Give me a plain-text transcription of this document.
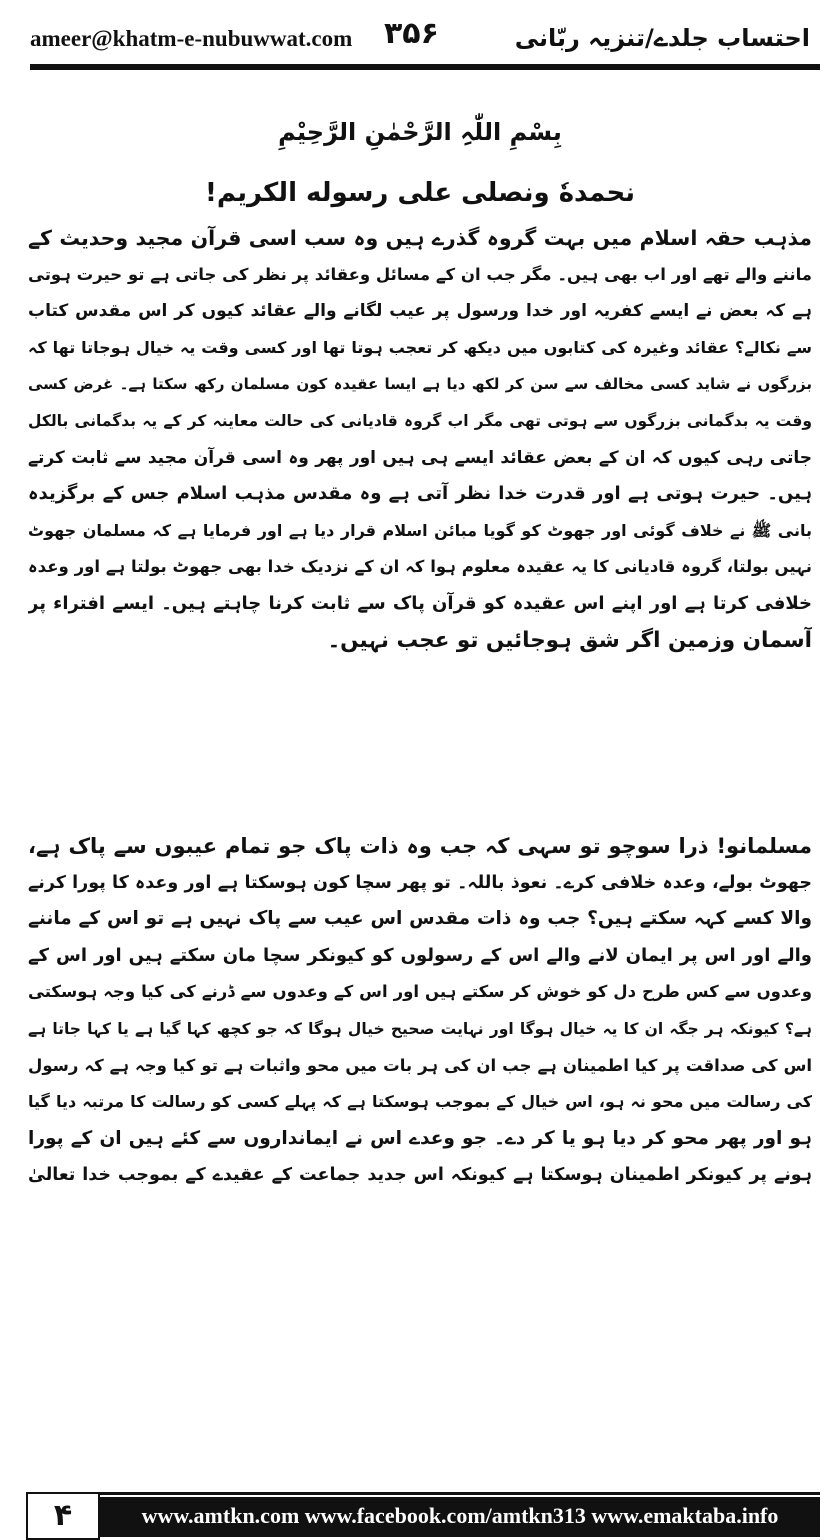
ameer@khatm-e-nubuwwat.com ۳۵۶	احتساب جلدے/تنزیہ ربّانی
بِسْمِ اللّٰہِ الرَّحْمٰنِ الرَّحِیْمِ
نحمدهٗ ونصلی علی رسوله الکریم!
مذہب حقہ اسلام میں بہت گروہ گذرے ہیں وہ سب اسی قرآن مجید وحدیث کے
ماننے والے تھے اور اب بھی ہیں۔ مگر جب ان کے مسائل وعقائد پر نظر کی جاتی ہے تو حیرت ہوتی
ہے کہ بعض نے ایسے کفریہ اور خدا ورسول پر عیب لگانے والے عقائد کیوں کر اس مقدس کتاب
سے نکالے؟ عقائد وغیرہ کی کتابوں میں دیکھ کر تعجب ہوتا تھا اور کسی وقت یہ خیال ہوجاتا تھا کہ
بزرگوں نے شاید کسی مخالف سے سن کر لکھ دیا ہے ایسا عقیدہ کون مسلمان رکھ سکتا ہے۔ غرض کسی
وقت یہ بدگمانی بزرگوں سے ہوتی تھی مگر اب گروہ قادیانی کی حالت معاینہ کر کے یہ بدگمانی بالکل
جاتی رہی کیوں کہ ان کے بعض عقائد ایسے ہی ہیں اور پھر وہ اسی قرآن مجید سے ثابت کرتے
ہیں۔ حیرت ہوتی ہے اور قدرت خدا نظر آتی ہے وہ مقدس مذہب اسلام جس کے برگزیدہ
بانی ﷺ نے خلاف گوئی اور جھوٹ کو گویا مبائن اسلام قرار دیا ہے اور فرمایا ہے کہ مسلمان جھوٹ
نہیں بولتا، گروہ قادیانی کا یہ عقیدہ معلوم ہوا کہ ان کے نزدیک خدا بھی جھوٹ بولتا ہے اور وعدہ
خلافی کرتا ہے اور اپنے اس عقیدہ کو قرآن پاک سے ثابت کرنا چاہتے ہیں۔ ایسے افتراء پر
آسمان وزمین اگر شق ہوجائیں تو عجب نہیں۔
مسلمانو! ذرا سوچو تو سہی کہ جب وہ ذات پاک جو تمام عیبوں سے پاک ہے،
جھوٹ بولے، وعدہ خلافی کرے۔ نعوذ باللہ۔ تو پھر سچا کون ہوسکتا ہے اور وعدہ کا پورا کرنے
والا کسے کہہ سکتے ہیں؟ جب وہ ذات مقدس اس عیب سے پاک نہیں ہے تو اس کے ماننے
والے اور اس پر ایمان لانے والے اس کے رسولوں کو کیونکر سچا مان سکتے ہیں اور اس کے
وعدوں سے کس طرح دل کو خوش کر سکتے ہیں اور اس کے وعدوں سے ڈرنے کی کیا وجہ ہوسکتی
ہے؟ کیونکہ ہر جگہ ان کا یہ خیال ہوگا اور نہایت صحیح خیال ہوگا کہ جو کچھ کہا گیا ہے یا کہا جاتا ہے
اس کی صداقت پر کیا اطمینان ہے جب ان کی ہر بات میں محو واثبات ہے تو کیا وجہ ہے کہ رسول
کی رسالت میں محو نہ ہو، اس خیال کے بموجب ہوسکتا ہے کہ پہلے کسی کو رسالت کا مرتبہ دیا گیا
ہو اور پھر محو کر دیا ہو یا کر دے۔ جو وعدے اس نے ایمانداروں سے کئے ہیں ان کے پورا
ہونے پر کیونکر اطمینان ہوسکتا ہے کیونکہ اس جدید جماعت کے عقیدے کے بموجب خدا تعالیٰ
۴	www.amtkn.com www.facebook.com/amtkn313 www.emaktaba.info
